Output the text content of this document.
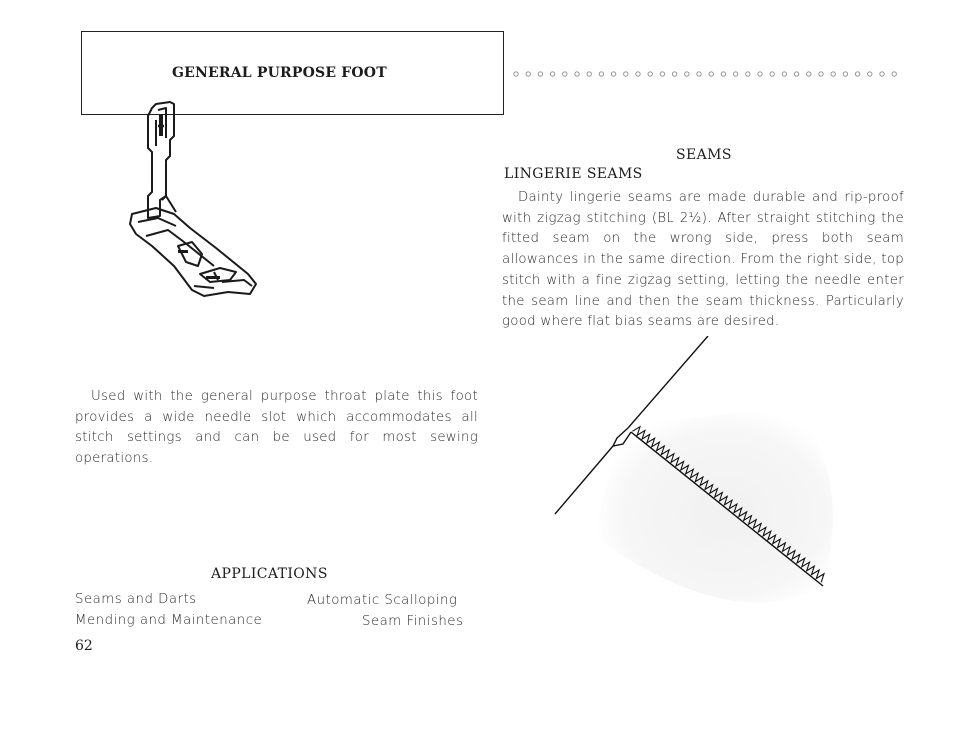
GENERAL PURPOSE FOOT

Used with the general purpose throat plate this foot provides a wide needle slot which accommodates all stitch settings and can be used for most sewing operations.

APPLICATIONS
Seams and Darts	Automatic Scalloping
Mending and Maintenance	Seam Finishes
62
SEAMS
LINGERIE SEAMS

Dainty lingerie seams are made durable and rip-proof with zigzag stitching (BL 2½). After straight stitching the fitted seam on the wrong side, press both seam allowances in the same direction. From the right side, top stitch with a fine zigzag setting, letting the needle enter the seam line and then the seam thickness. Particularly good where flat bias seams are desired.
